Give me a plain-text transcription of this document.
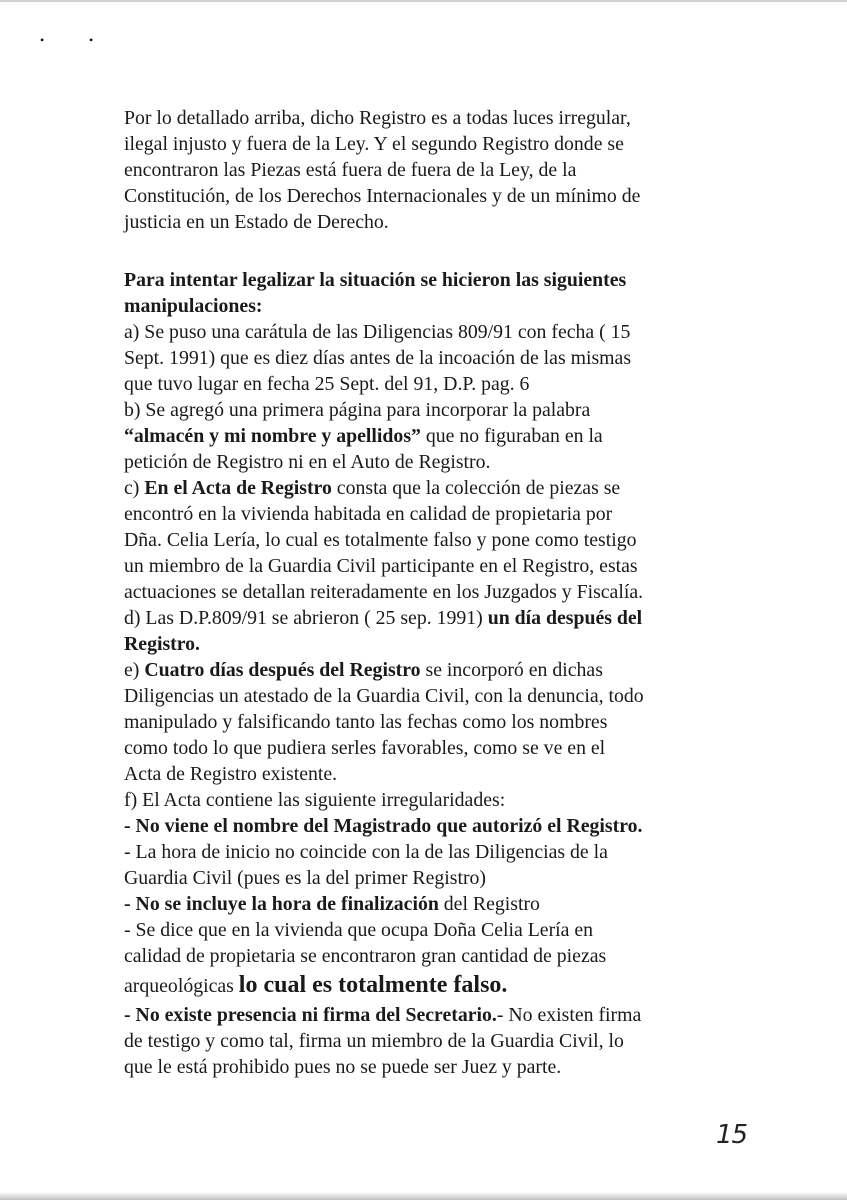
•	•
Por lo detallado arriba, dicho Registro es a todas luces irregular,
ilegal injusto y fuera de la Ley. Y el segundo Registro donde se
encontraron las Piezas está fuera de fuera de la Ley, de la
Constitución, de los Derechos Internacionales y de un mínimo de
justicia en un Estado de Derecho.
Para intentar legalizar la situación se hicieron las siguientes
manipulaciones:
a) Se puso una carátula de las Diligencias 809/91 con fecha ( 15
Sept. 1991) que es diez días antes de la incoación de las mismas
que tuvo lugar en fecha 25 Sept. del 91, D.P. pag. 6
b) Se agregó una primera página para incorporar la palabra
“almacén y mi nombre y apellidos” que no figuraban en la
petición de Registro ni en el Auto de Registro.
c) En el Acta de Registro consta que la colección de piezas se
encontró en la vivienda habitada en calidad de propietaria por
Dña. Celia Lería, lo cual es totalmente falso y pone como testigo
un miembro de la Guardia Civil participante en el Registro, estas
actuaciones se detallan reiteradamente en los Juzgados y Fiscalía.
d) Las D.P.809/91 se abrieron ( 25 sep. 1991) un día después del
Registro.
e) Cuatro días después del Registro se incorporó en dichas
Diligencias un atestado de la Guardia Civil, con la denuncia, todo
manipulado y falsificando tanto las fechas como los nombres
como todo lo que pudiera serles favorables, como se ve en el
Acta de Registro existente.
f) El Acta contiene las siguiente irregularidades:
- No viene el nombre del Magistrado que autorizó el Registro.
- La hora de inicio no coincide con la de las Diligencias de la
Guardia Civil (pues es la del primer Registro)
- No se incluye la hora de finalización del Registro
- Se dice que en la vivienda que ocupa Doña Celia Lería en
calidad de propietaria se encontraron gran cantidad de piezas
arqueológicas lo cual es totalmente falso.
- No existe presencia ni firma del Secretario.- No existen firma
de testigo y como tal, firma un miembro de la Guardia Civil, lo
que le está prohibido pues no se puede ser Juez y parte.
15
